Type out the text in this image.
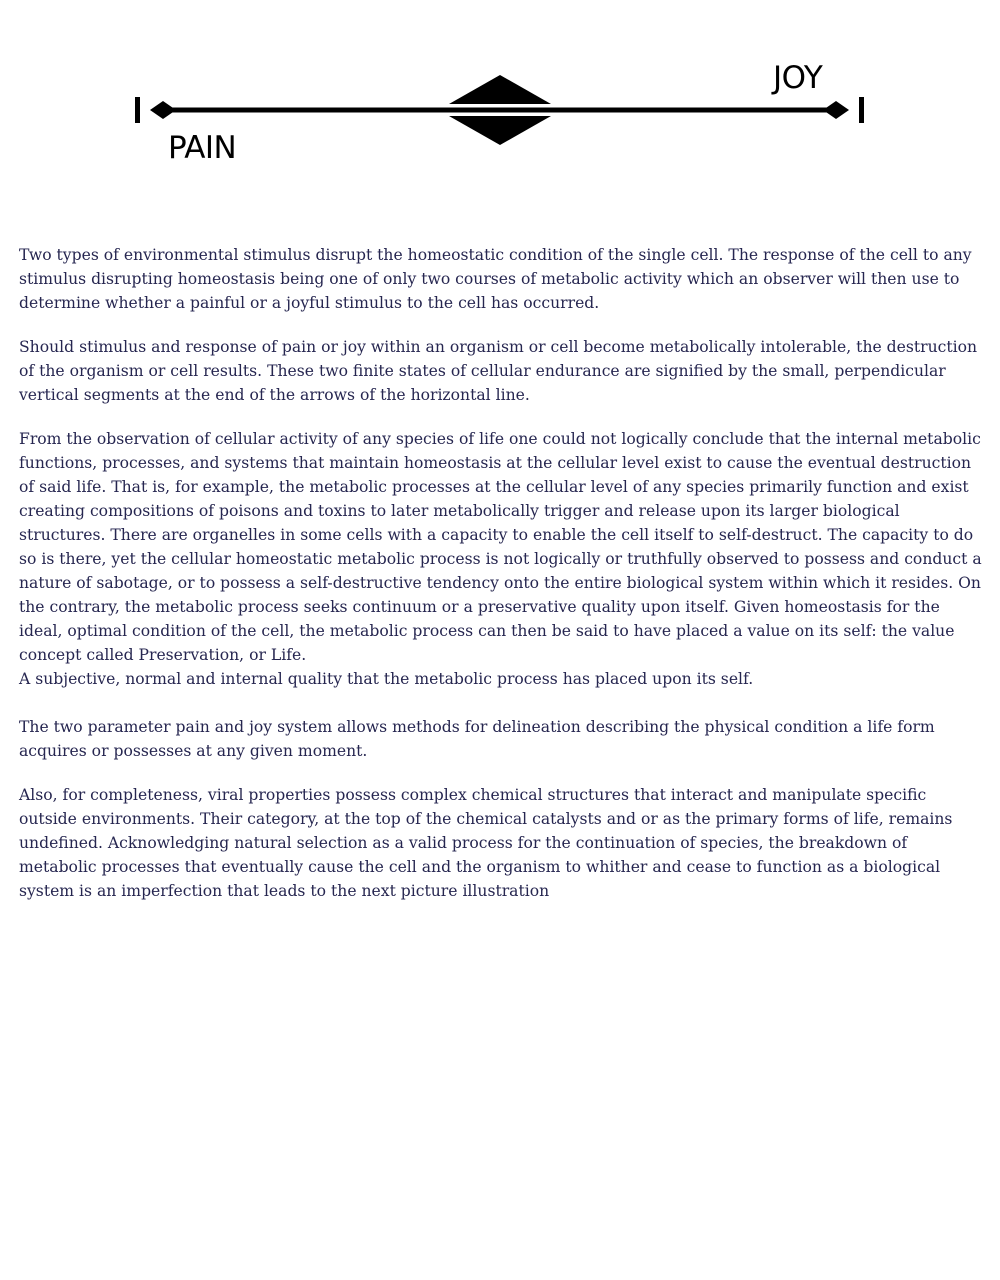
PAIN
JOY

Two types of environmental stimulus disrupt the homeostatic condition of the single cell. The response of the cell to any stimulus disrupting homeostasis being one of only two courses of metabolic activity which an observer will then use to determine whether a painful or a joyful stimulus to the cell has occurred.

Should stimulus and response of pain or joy within an organism or cell become metabolically intolerable, the destruction of the organism or cell results. These two finite states of cellular endurance are signified by the small, perpendicular vertical segments at the end of the arrows of the horizontal line.

From the observation of cellular activity of any species of life one could not logically conclude that the internal metabolic functions, processes, and systems that maintain homeostasis at the cellular level exist to cause the eventual destruction of said life. That is, for example, the metabolic processes at the cellular level of any species primarily function and exist creating compositions of poisons and toxins to later metabolically trigger and release upon its larger biological structures. There are organelles in some cells with a capacity to enable the cell itself to self-destruct. The capacity to do so is there, yet the cellular homeostatic metabolic process is not logically or truthfully observed to possess and conduct a nature of sabotage, or to possess a self-destructive tendency onto the entire biological system within which it resides. On the contrary, the metabolic process seeks continuum or a preservative quality upon itself. Given homeostasis for the ideal, optimal condition of the cell, the metabolic process can then be said to have placed a value on its self: the value concept called Preservation, or Life.

A subjective, normal and internal quality that the metabolic process has placed upon its self.

The two parameter pain and joy system allows methods for delineation describing the physical condition a life form acquires or possesses at any given moment.

Also, for completeness, viral properties possess complex chemical structures that interact and manipulate specific outside environments. Their category, at the top of the chemical catalysts and or as the primary forms of life, remains undefined. Acknowledging natural selection as a valid process for the continuation of species, the breakdown of metabolic processes that eventually cause the cell and the organism to whither and cease to function as a biological system is an imperfection that leads to the next picture illustration
